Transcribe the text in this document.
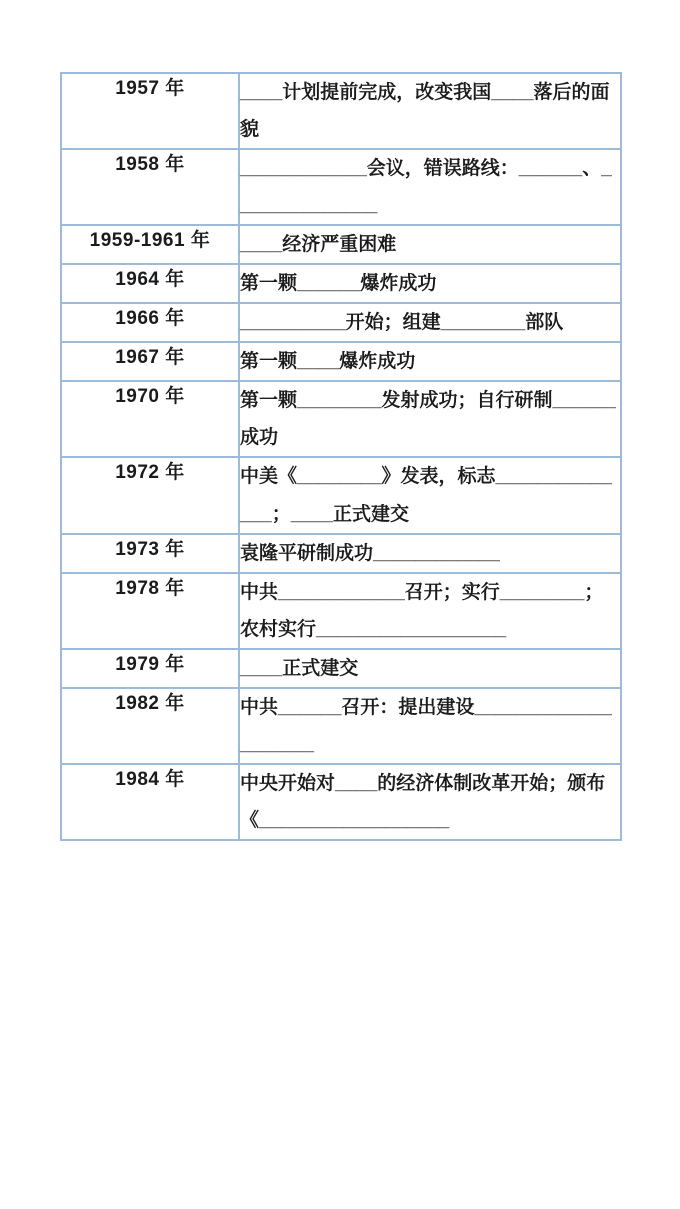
1957 年	____计划提前完成，改变我国____落后的面貌
1958 年	____________会议，错误路线：______、______________
1959-1961 年	____经济严重困难
1964 年	第一颗______爆炸成功
1966 年	__________开始；组建________部队
1967 年	第一颗____爆炸成功
1970 年	第一颗________发射成功；自行研制______成功
1972 年	中美《________》发表，标志______________；____正式建交
1973 年	袁隆平研制成功____________
1978 年	中共____________召开；实行________；农村实行__________________
1979 年	____正式建交
1982 年	中共______召开：提出建设____________________
1984 年	中央开始对____的经济体制改革开始；颁布《__________________
